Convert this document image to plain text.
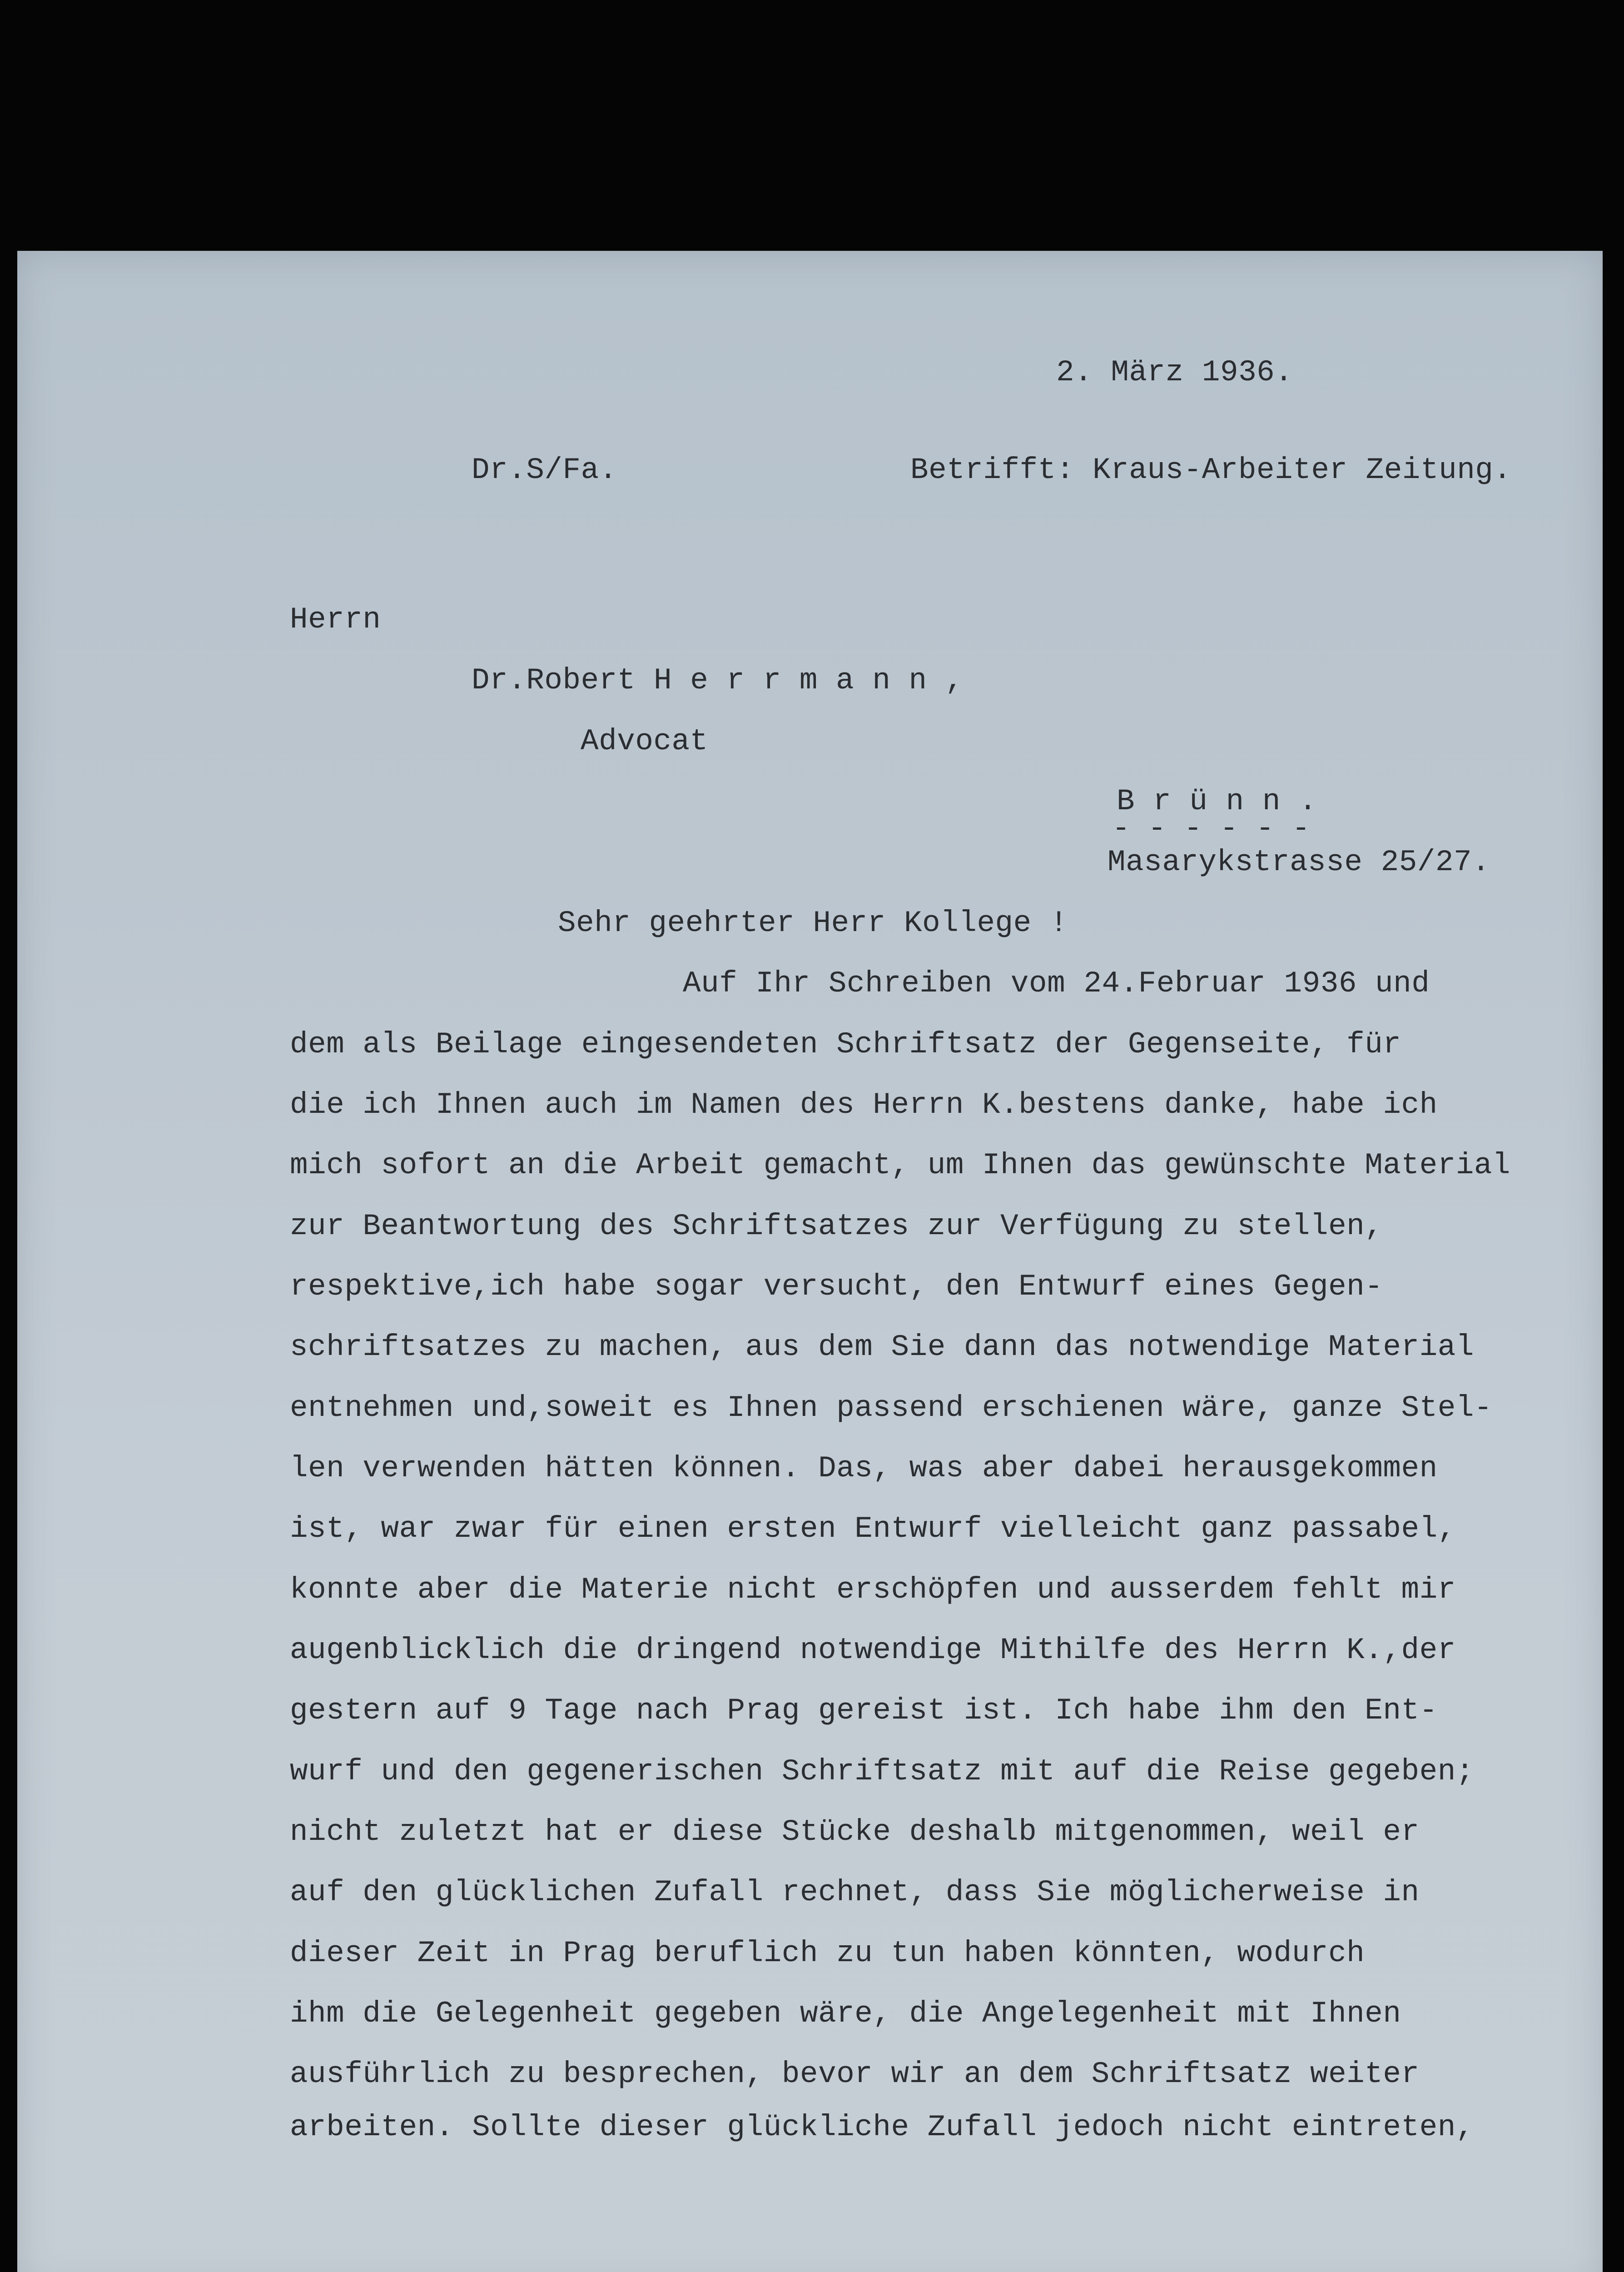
2. März 1936.

Dr.S/Fa.	Betrifft: Kraus-Arbeiter Zeitung.

Herrn

Dr.Robert H e r r m a n n ,

Advocat

B r ü n n .

- - - - - -

Masarykstrasse 25/27.

Sehr geehrter Herr Kollege !

Auf Ihr Schreiben vom 24.Februar 1936 und

dem als Beilage eingesendeten Schriftsatz der Gegenseite, für

die ich Ihnen auch im Namen des Herrn K.bestens danke, habe ich

mich sofort an die Arbeit gemacht, um Ihnen das gewünschte Material

zur Beantwortung des Schriftsatzes zur Verfügung zu stellen,

respektive,ich habe sogar versucht, den Entwurf eines Gegen-

schriftsatzes zu machen, aus dem Sie dann das notwendige Material

entnehmen und,soweit es Ihnen passend erschienen wäre, ganze Stel-

len verwenden hätten können. Das, was aber dabei herausgekommen

ist, war zwar für einen ersten Entwurf vielleicht ganz passabel,

konnte aber die Materie nicht erschöpfen und ausserdem fehlt mir

augenblicklich die dringend notwendige Mithilfe des Herrn K.,der

gestern auf 9 Tage nach Prag gereist ist. Ich habe ihm den Ent-

wurf und den gegenerischen Schriftsatz mit auf die Reise gegeben;

nicht zuletzt hat er diese Stücke deshalb mitgenommen, weil er

auf den glücklichen Zufall rechnet, dass Sie möglicherweise in

dieser Zeit in Prag beruflich zu tun haben könnten, wodurch

ihm die Gelegenheit gegeben wäre, die Angelegenheit mit Ihnen

ausführlich zu besprechen, bevor wir an dem Schriftsatz weiter

arbeiten. Sollte dieser glückliche Zufall jedoch nicht eintreten,
